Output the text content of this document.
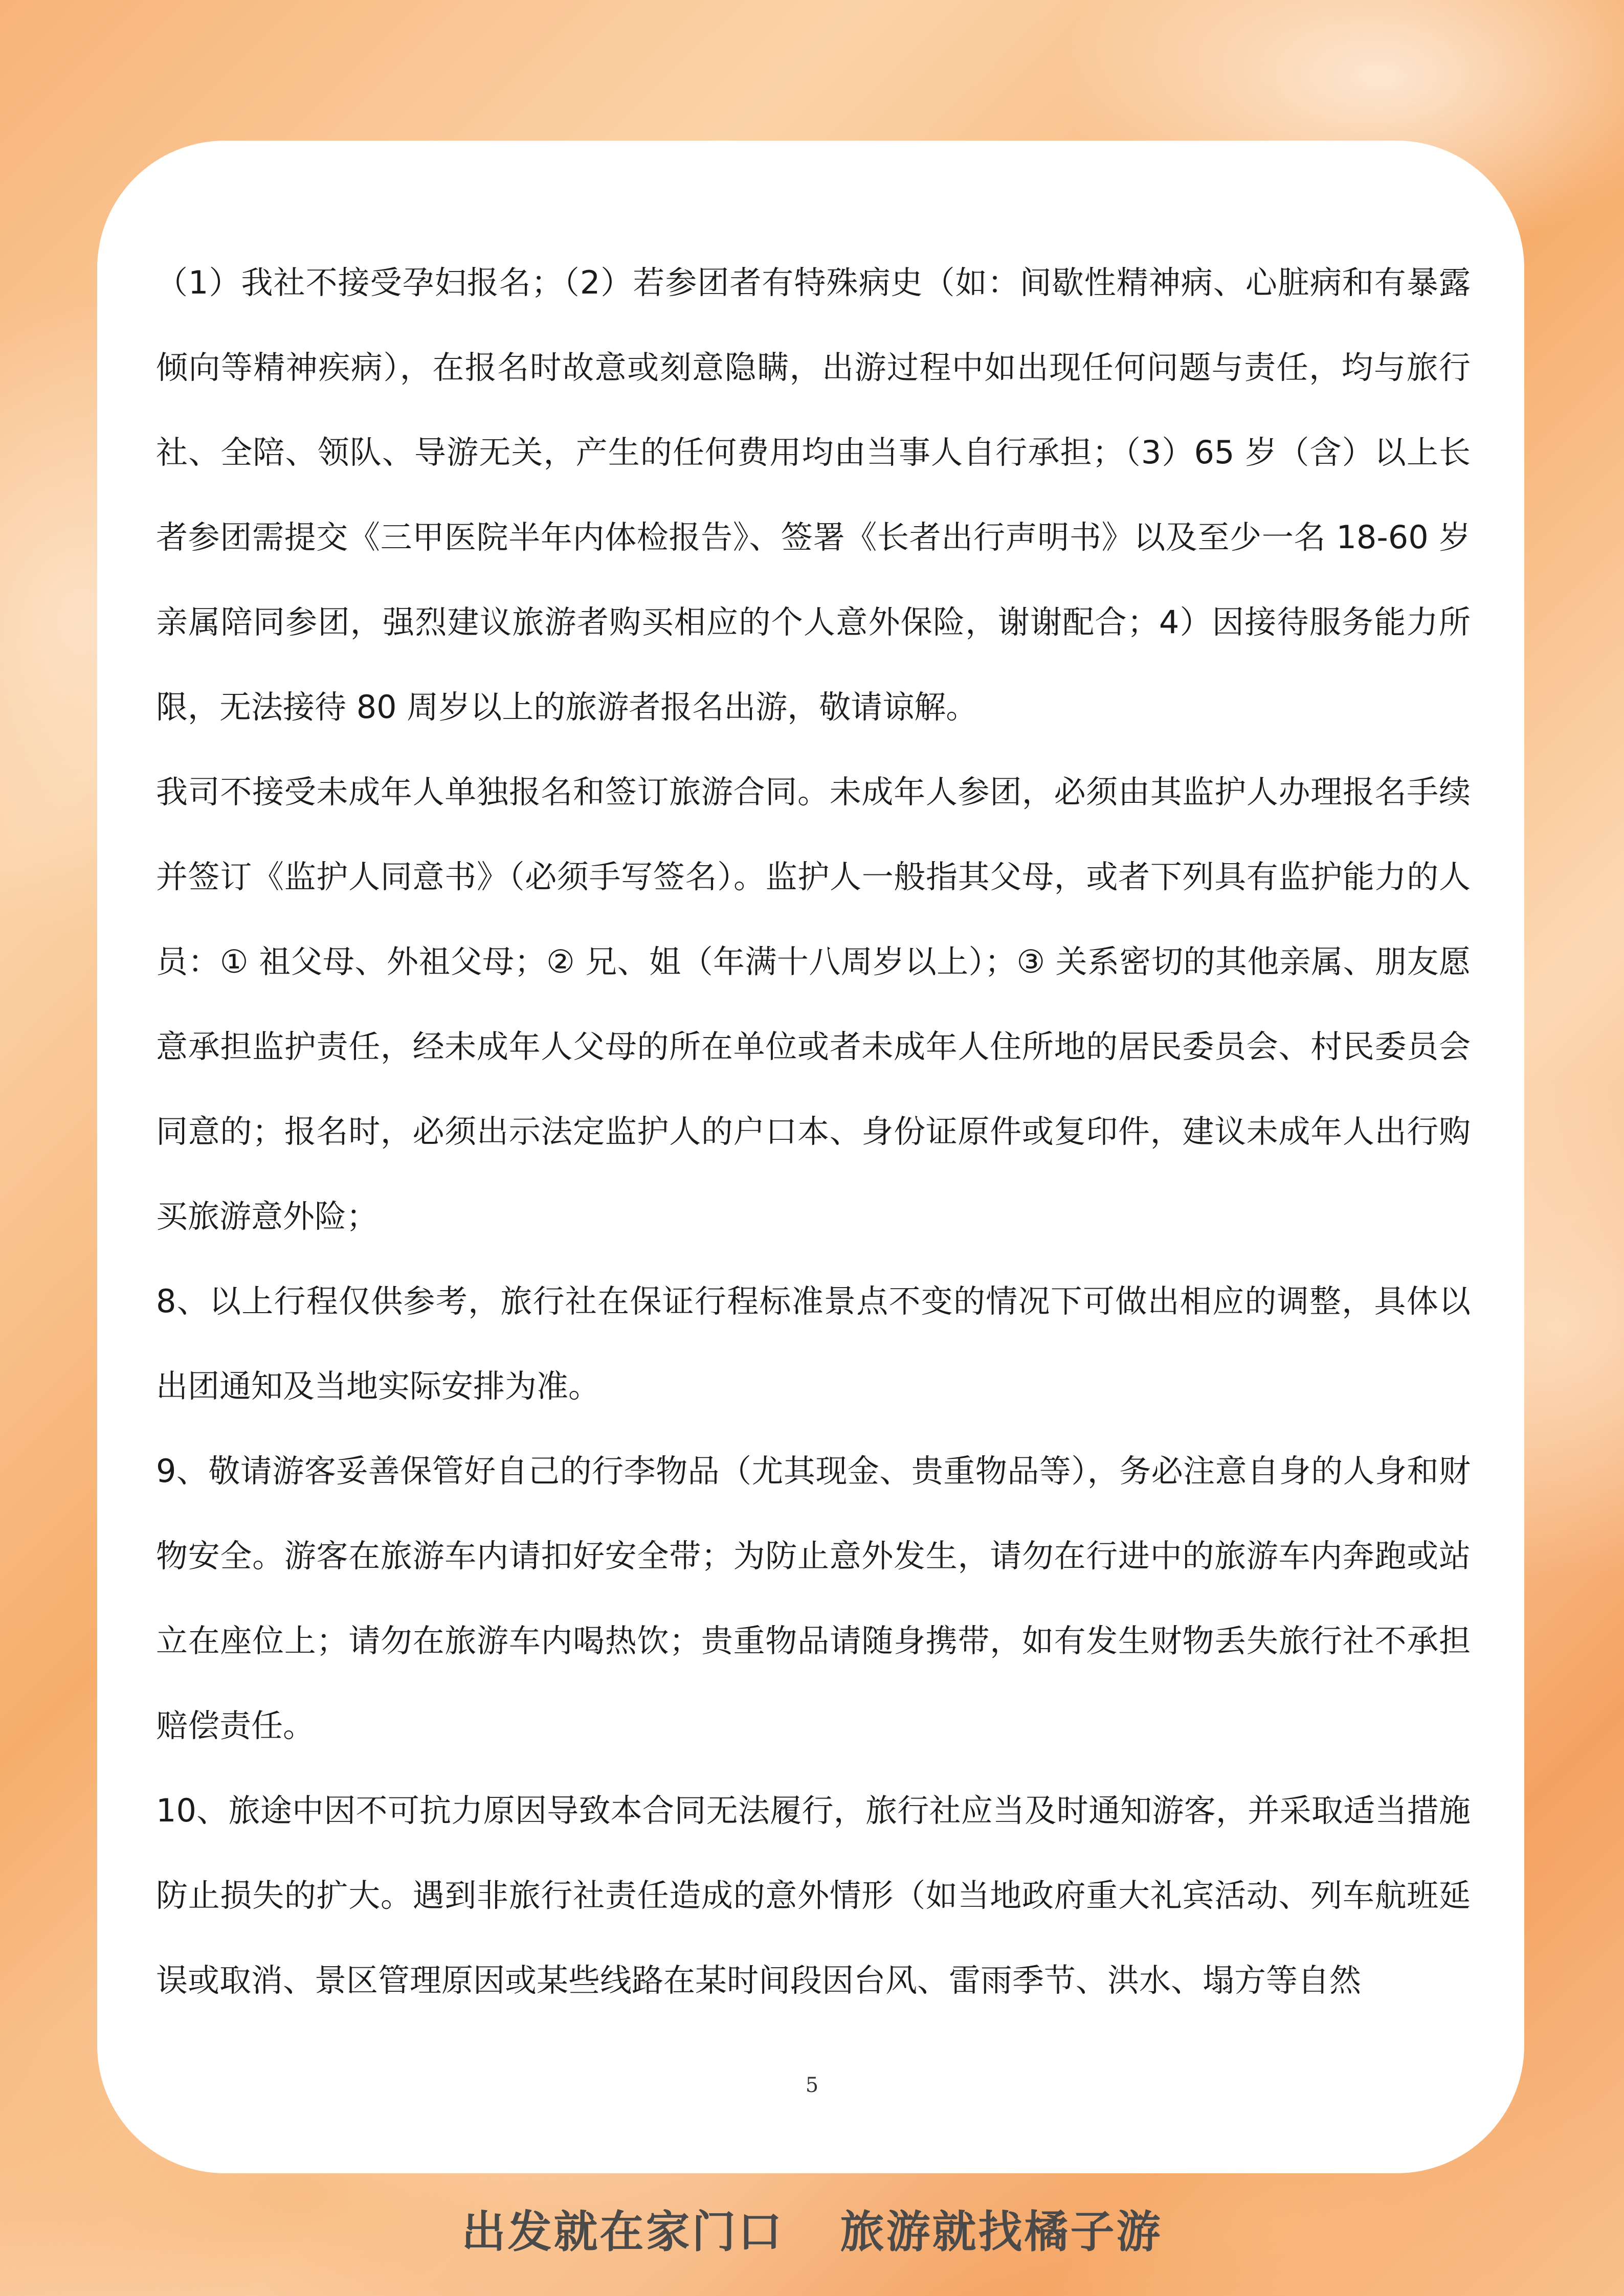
（1）我社不接受孕妇报名；（2）若参团者有特殊病史（如：间歇性精神病、心脏病和有暴露倾向等精神疾病），在报名时故意或刻意隐瞒，出游过程中如出现任何问题与责任，均与旅行社、全陪、领队、导游无关，产生的任何费用均由当事人自行承担；（3）65 岁（含）以上长者参团需提交《三甲医院半年内体检报告》、签署《长者出行声明书》以及至少一名 18-60 岁亲属陪同参团，强烈建议旅游者购买相应的个人意外保险，谢谢配合；4）因接待服务能力所限，无法接待 80 周岁以上的旅游者报名出游，敬请谅解。

我司不接受未成年人单独报名和签订旅游合同。未成年人参团，必须由其监护人办理报名手续并签订《监护人同意书》（必须手写签名）。监护人一般指其父母，或者下列具有监护能力的人员：① 祖父母、外祖父母；② 兄、姐（年满十八周岁以上）；③ 关系密切的其他亲属、朋友愿意承担监护责任，经未成年人父母的所在单位或者未成年人住所地的居民委员会、村民委员会同意的；报名时，必须出示法定监护人的户口本、身份证原件或复印件，建议未成年人出行购买旅游意外险；

8、以上行程仅供参考，旅行社在保证行程标准景点不变的情况下可做出相应的调整，具体以出团通知及当地实际安排为准。

9、敬请游客妥善保管好自己的行李物品（尤其现金、贵重物品等），务必注意自身的人身和财物安全。游客在旅游车内请扣好安全带；为防止意外发生，请勿在行进中的旅游车内奔跑或站立在座位上；请勿在旅游车内喝热饮；贵重物品请随身携带，如有发生财物丢失旅行社不承担赔偿责任。

10、旅途中因不可抗力原因导致本合同无法履行，旅行社应当及时通知游客，并采取适当措施防止损失的扩大。遇到非旅行社责任造成的意外情形（如当地政府重大礼宾活动、列车航班延误或取消、景区管理原因或某些线路在某时间段因台风、雷雨季节、洪水、塌方等自然

5
出发就在家门口 旅游就找橘子游
